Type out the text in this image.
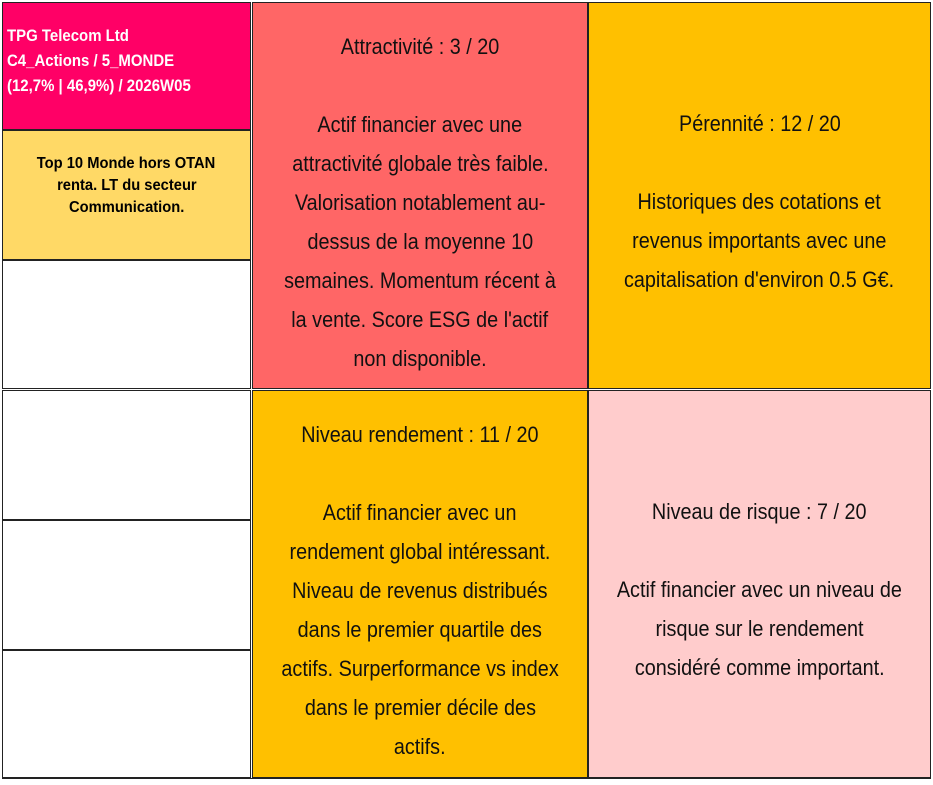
TPG Telecom Ltd
C4_Actions / 5_MONDE
(12,7% | 46,9%) / 2026W05
Top 10 Monde hors OTAN
renta. LT du secteur
Communication.
Attractivité : 3 / 20
Actif financier avec une
attractivité globale très faible.
Valorisation notablement au-
dessus de la moyenne 10
semaines. Momentum récent à
la vente. Score ESG de l'actif
non disponible.
Pérennité : 12 / 20
Historiques des cotations et
revenus importants avec une
capitalisation d'environ 0.5 G€.
Niveau rendement : 11 / 20
Actif financier avec un
rendement global intéressant.
Niveau de revenus distribués
dans le premier quartile des
actifs. Surperformance vs index
dans le premier décile des
actifs.
Niveau de risque : 7 / 20
Actif financier avec un niveau de
risque sur le rendement
considéré comme important.
